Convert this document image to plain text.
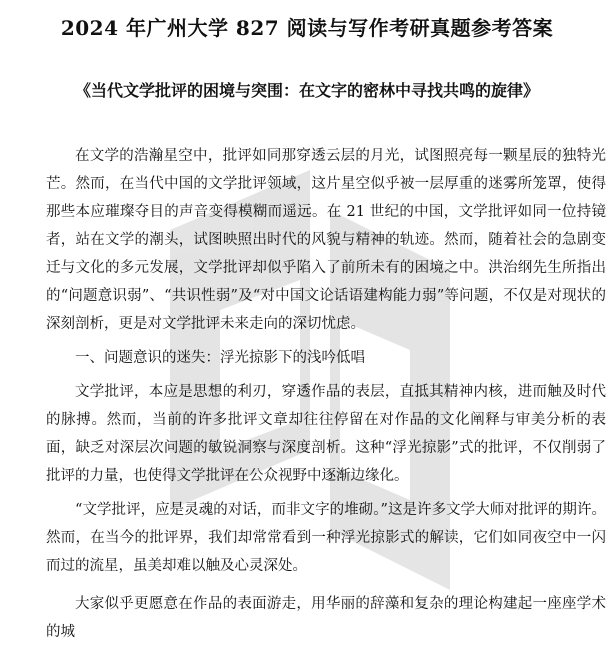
2024 年广州大学 827 阅读与写作考研真题参考答案
《当代文学批评的困境与突围：在文字的密林中寻找共鸣的旋律》

在文学的浩瀚星空中，批评如同那穿透云层的月光，试图照亮每一颗星辰的独特光芒。然而，在当代中国的文学批评领域，这片星空似乎被一层厚重的迷雾所笼罩，使得那些本应璀璨夺目的声音变得模糊而遥远。在 21 世纪的中国，文学批评如同一位持镜者，站在文学的潮头，试图映照出时代的风貌与精神的轨迹。然而，随着社会的急剧变迁与文化的多元发展，文学批评却似乎陷入了前所未有的困境之中。洪治纲先生所指出的“问题意识弱”、“共识性弱”及“对中国文论话语建构能力弱”等问题，不仅是对现状的深刻剖析，更是对文学批评未来走向的深切忧虑。

一、问题意识的迷失：浮光掠影下的浅吟低唱

文学批评，本应是思想的利刃，穿透作品的表层，直抵其精神内核，进而触及时代的脉搏。然而，当前的许多批评文章却往往停留在对作品的文化阐释与审美分析的表面，缺乏对深层次问题的敏锐洞察与深度剖析。这种“浮光掠影”式的批评，不仅削弱了批评的力量，也使得文学批评在公众视野中逐渐边缘化。

“文学批评，应是灵魂的对话，而非文字的堆砌。”这是许多文学大师对批评的期许。然而，在当今的批评界，我们却常常看到一种浮光掠影式的解读，它们如同夜空中一闪而过的流星，虽美却难以触及心灵深处。

大家似乎更愿意在作品的表面游走，用华丽的辞藻和复杂的理论构建起一座座学术的城
